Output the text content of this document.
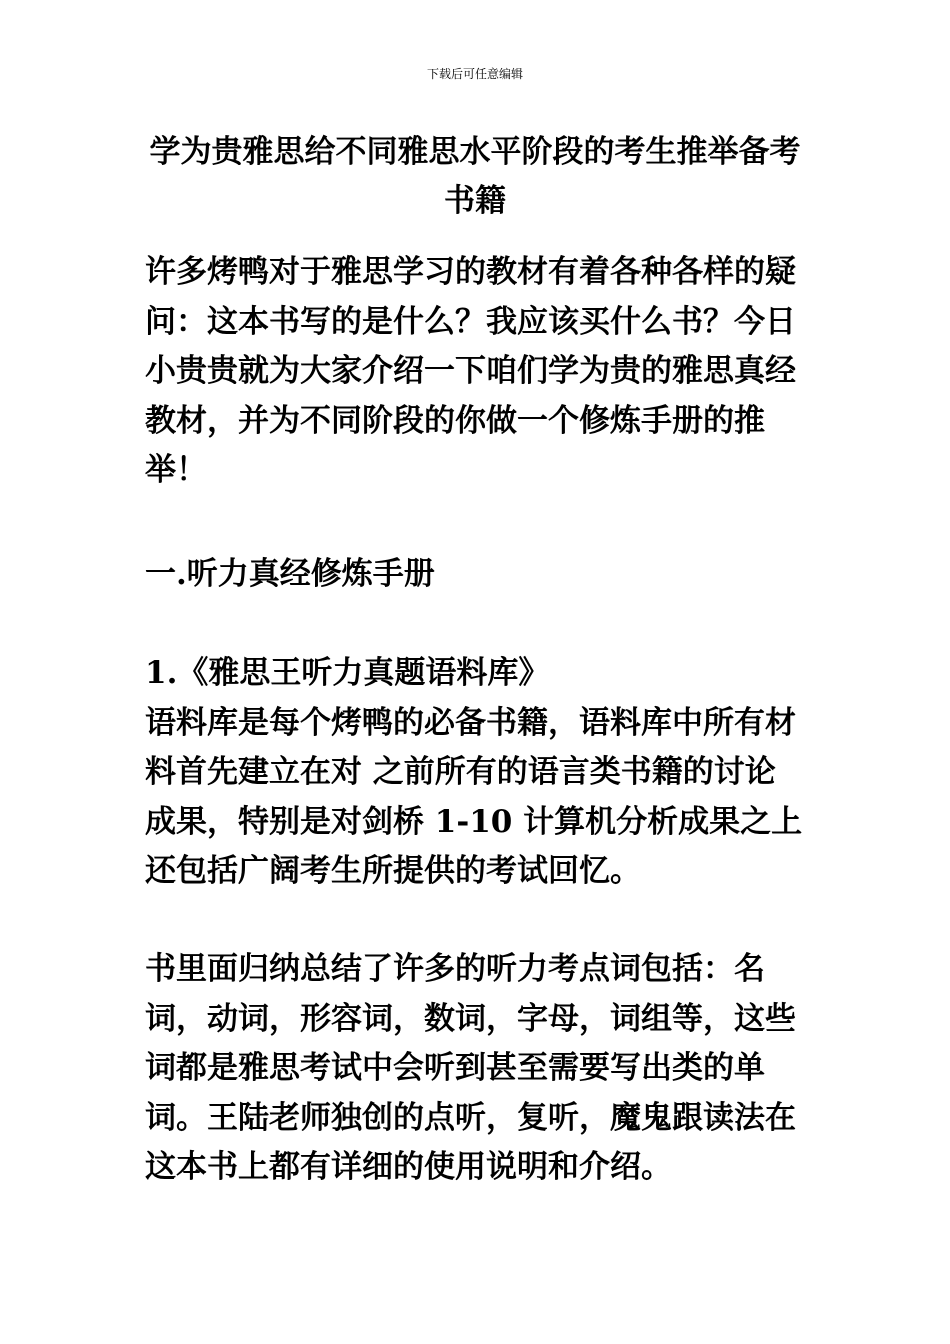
下载后可任意编辑
学为贵雅思给不同雅思水平阶段的考生推举备考书籍

许多烤鸭对于雅思学习的教材有着各种各样的疑问：这本书写的是什么？我应该买什么书？今日小贵贵就为大家介绍一下咱们学为贵的雅思真经教材，并为不同阶段的你做一个修炼手册的推举！

一.听力真经修炼手册

1.《雅思王听力真题语料库》
语料库是每个烤鸭的必备书籍，语料库中所有材料首先建立在对 之前所有的语言类书籍的讨论成果，特别是对剑桥 1-10 计算机分析成果之上还包括广阔考生所提供的考试回忆。

书里面归纳总结了许多的听力考点词包括：名词，动词，形容词，数词，字母，词组等，这些词都是雅思考试中会听到甚至需要写出类的单词。王陆老师独创的点听，复听，魔鬼跟读法在这本书上都有详细的使用说明和介绍。
